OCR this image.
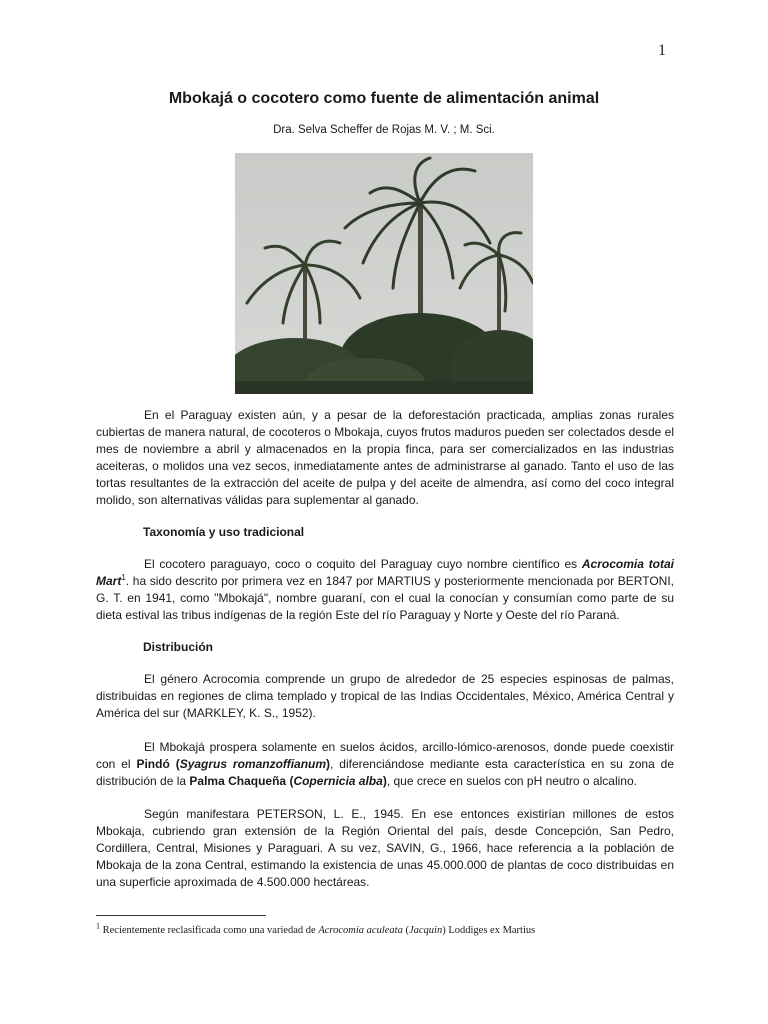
1
Mbokajá o cocotero como fuente de alimentación animal
Dra. Selva Scheffer de Rojas M. V. ; M. Sci.

En el Paraguay existen aún, y a pesar de la deforestación practicada, amplias zonas rurales cubiertas de manera natural, de cocoteros o Mbokaja, cuyos frutos maduros pueden ser colectados desde el mes de noviembre a abril y almacenados en la propia finca, para ser comercializados en las industrias aceiteras, o molidos una vez secos, inmediatamente antes de administrarse al ganado. Tanto el uso de las tortas resultantes de la extracción del aceite de pulpa y del aceite de almendra, así como del coco integral molido, son alternativas válidas para suplementar al ganado.

Taxonomía y uso tradicional

El cocotero paraguayo, coco o coquito del Paraguay cuyo nombre científico es Acrocomia totai Mart$^1$. ha sido descrito por primera vez en 1847 por MARTIUS y posteriormente mencionada por BERTONI, G. T. en 1941, como "Mbokajá", nombre guaraní, con el cual la conocían y consumían como parte de su dieta estival las tribus indígenas de la región Este del río Paraguay y Norte y Oeste del río Paraná.

Distribución

El género Acrocomia comprende un grupo de alrededor de 25 especies espinosas de palmas, distribuidas en regiones de clima templado y tropical de las Indias Occidentales, México, América Central y América del sur (MARKLEY, K. S., 1952).

El Mbokajá prospera solamente en suelos ácidos, arcillo-lómico-arenosos, donde puede coexistir con el Pindó (Syagrus romanzoffianum), diferenciándose mediante esta característica en su zona de distribución de la Palma Chaqueña (Copernicia alba), que crece en suelos con pH neutro o alcalino.

Según manifestara PETERSON, L. E., 1945. En ese entonces existirían millones de estos Mbokaja, cubriendo gran extensión de la Región Oriental del país, desde Concepción, San Pedro, Cordillera, Central, Misiones y Paraguari. A su vez, SAVIN, G., 1966, hace referencia a la población de Mbokaja de la zona Central, estimando la existencia de unas 45.000.000 de plantas de coco distribuidas en una superficie aproximada de 4.500.000 hectáreas.

$^1$ Recientemente reclasificada como una variedad de Acrocomia aculeata (Jacquin) Loddiges ex Martius
